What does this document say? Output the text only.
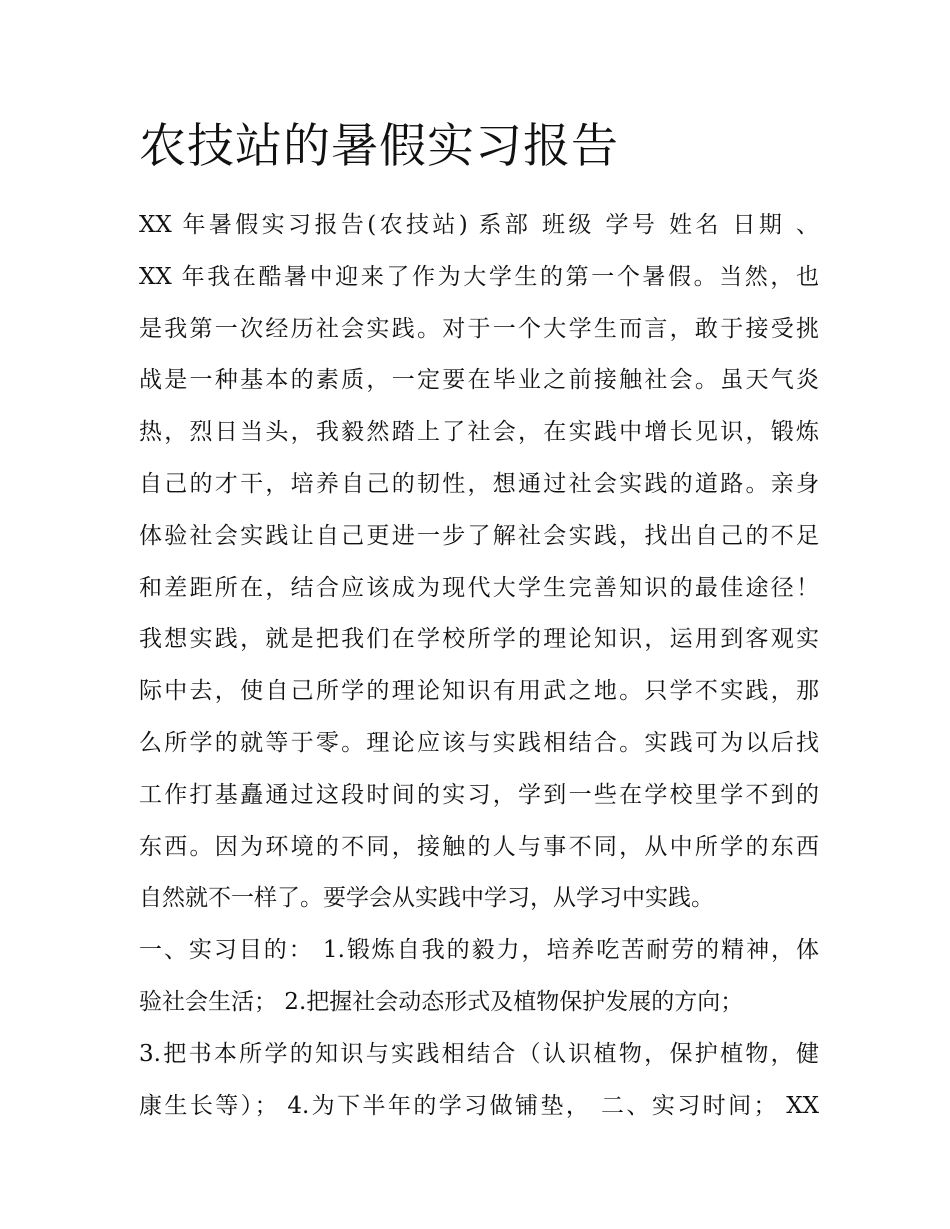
农技站的暑假实习报告
XX 年暑假实习报告(农技站) 系部 班级 学号 姓名 日期 、
XX 年我在酷暑中迎来了作为大学生的第一个暑假。当然，也
是我第一次经历社会实践。对于一个大学生而言，敢于接受挑
战是一种基本的素质，一定要在毕业之前接触社会。虽天气炎
热，烈日当头，我毅然踏上了社会，在实践中增长见识，锻炼
自己的才干，培养自己的韧性，想通过社会实践的道路。亲身
体验社会实践让自己更进一步了解社会实践，找出自己的不足
和差距所在，结合应该成为现代大学生完善知识的最佳途径！
我想实践，就是把我们在学校所学的理论知识，运用到客观实
际中去，使自己所学的理论知识有用武之地。只学不实践，那
么所学的就等于零。理论应该与实践相结合。实践可为以后找
工作打基矗通过这段时间的实习，学到一些在学校里学不到的
东西。因为环境的不同，接触的人与事不同，从中所学的东西
自然就不一样了。要学会从实践中学习，从学习中实践。
一、实习目的： 1.锻炼自我的毅力，培养吃苦耐劳的精神，体
验社会生活； 2.把握社会动态形式及植物保护发展的方向；
3.把书本所学的知识与实践相结合（认识植物，保护植物，健
康生长等）； 4.为下半年的学习做铺垫， 二、实习时间； XX
